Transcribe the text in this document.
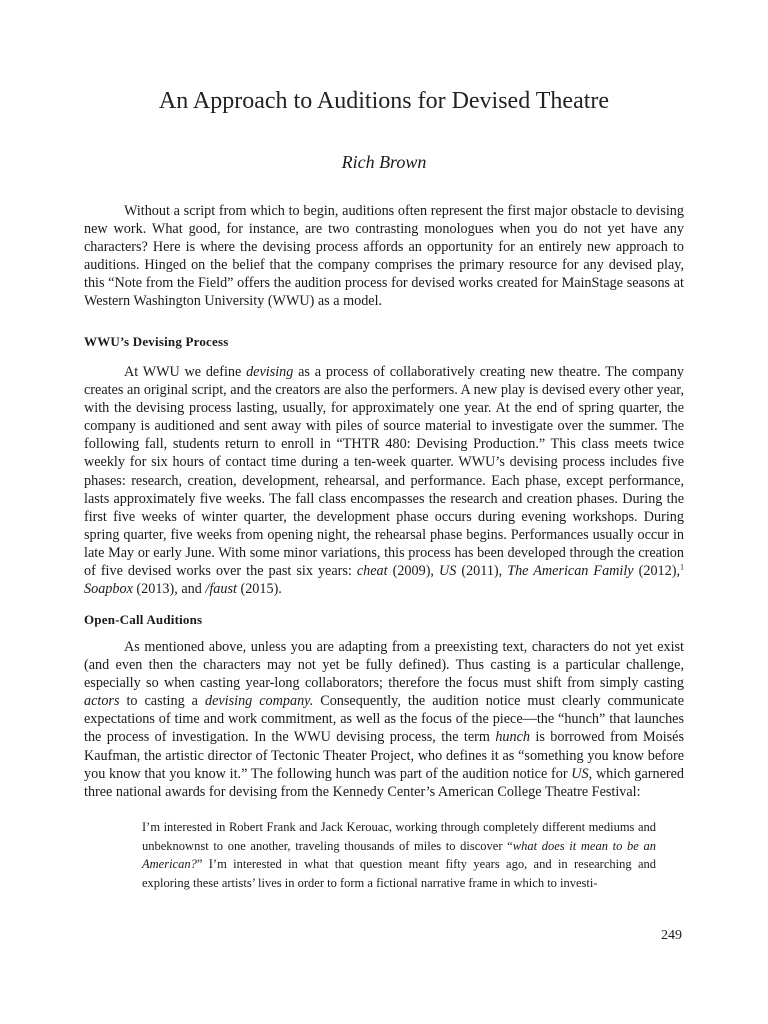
An Approach to Auditions for Devised Theatre
Rich Brown

Without a script from which to begin, auditions often represent the first major obstacle to devising new work. What good, for instance, are two contrasting monologues when you do not yet have any characters? Here is where the devising process affords an opportunity for an entirely new approach to auditions. Hinged on the belief that the company comprises the primary resource for any devised play, this “Note from the Field” offers the audition process for devised works created for MainStage seasons at Western Washington University (WWU) as a model.

WWU’s Devising Process

At WWU we define devising as a process of collaboratively creating new theatre. The company creates an original script, and the creators are also the performers. A new play is devised every other year, with the devising process lasting, usually, for approximately one year. At the end of spring quarter, the company is auditioned and sent away with piles of source material to investigate over the summer. The following fall, students return to enroll in “THTR 480: Devising Production.” This class meets twice weekly for six hours of contact time during a ten-week quarter. WWU’s devising process includes five phases: research, creation, development, rehearsal, and performance. Each phase, except performance, lasts approximately five weeks. The fall class encompasses the research and creation phases. During the first five weeks of winter quarter, the development phase occurs during evening workshops. During spring quarter, five weeks from opening night, the rehearsal phase begins. Performances usually occur in late May or early June. With some minor variations, this process has been developed through the creation of five devised works over the past six years: cheat (2009), US (2011), The American Family (2012),$^1$ Soapbox (2013), and /faust (2015).

Open-Call Auditions

As mentioned above, unless you are adapting from a preexisting text, characters do not yet exist (and even then the characters may not yet be fully defined). Thus casting is a particular challenge, especially so when casting year-long collaborators; therefore the focus must shift from simply casting actors to casting a devising company. Consequently, the audition notice must clearly communicate expectations of time and work commitment, as well as the focus of the piece—the “hunch” that launches the process of investigation. In the WWU devising process, the term hunch is borrowed from Moisés Kaufman, the artistic director of Tectonic Theater Project, who defines it as “something you know before you know that you know it.” The following hunch was part of the audition notice for US, which garnered three national awards for devising from the Kennedy Center’s American College Theatre Festival:

I’m interested in Robert Frank and Jack Kerouac, working through completely different mediums and unbeknownst to one another, traveling thousands of miles to discover “what does it mean to be an American?” I’m interested in what that question meant fifty years ago, and in researching and exploring these artists’ lives in order to form a fictional narrative frame in which to investi-

249
